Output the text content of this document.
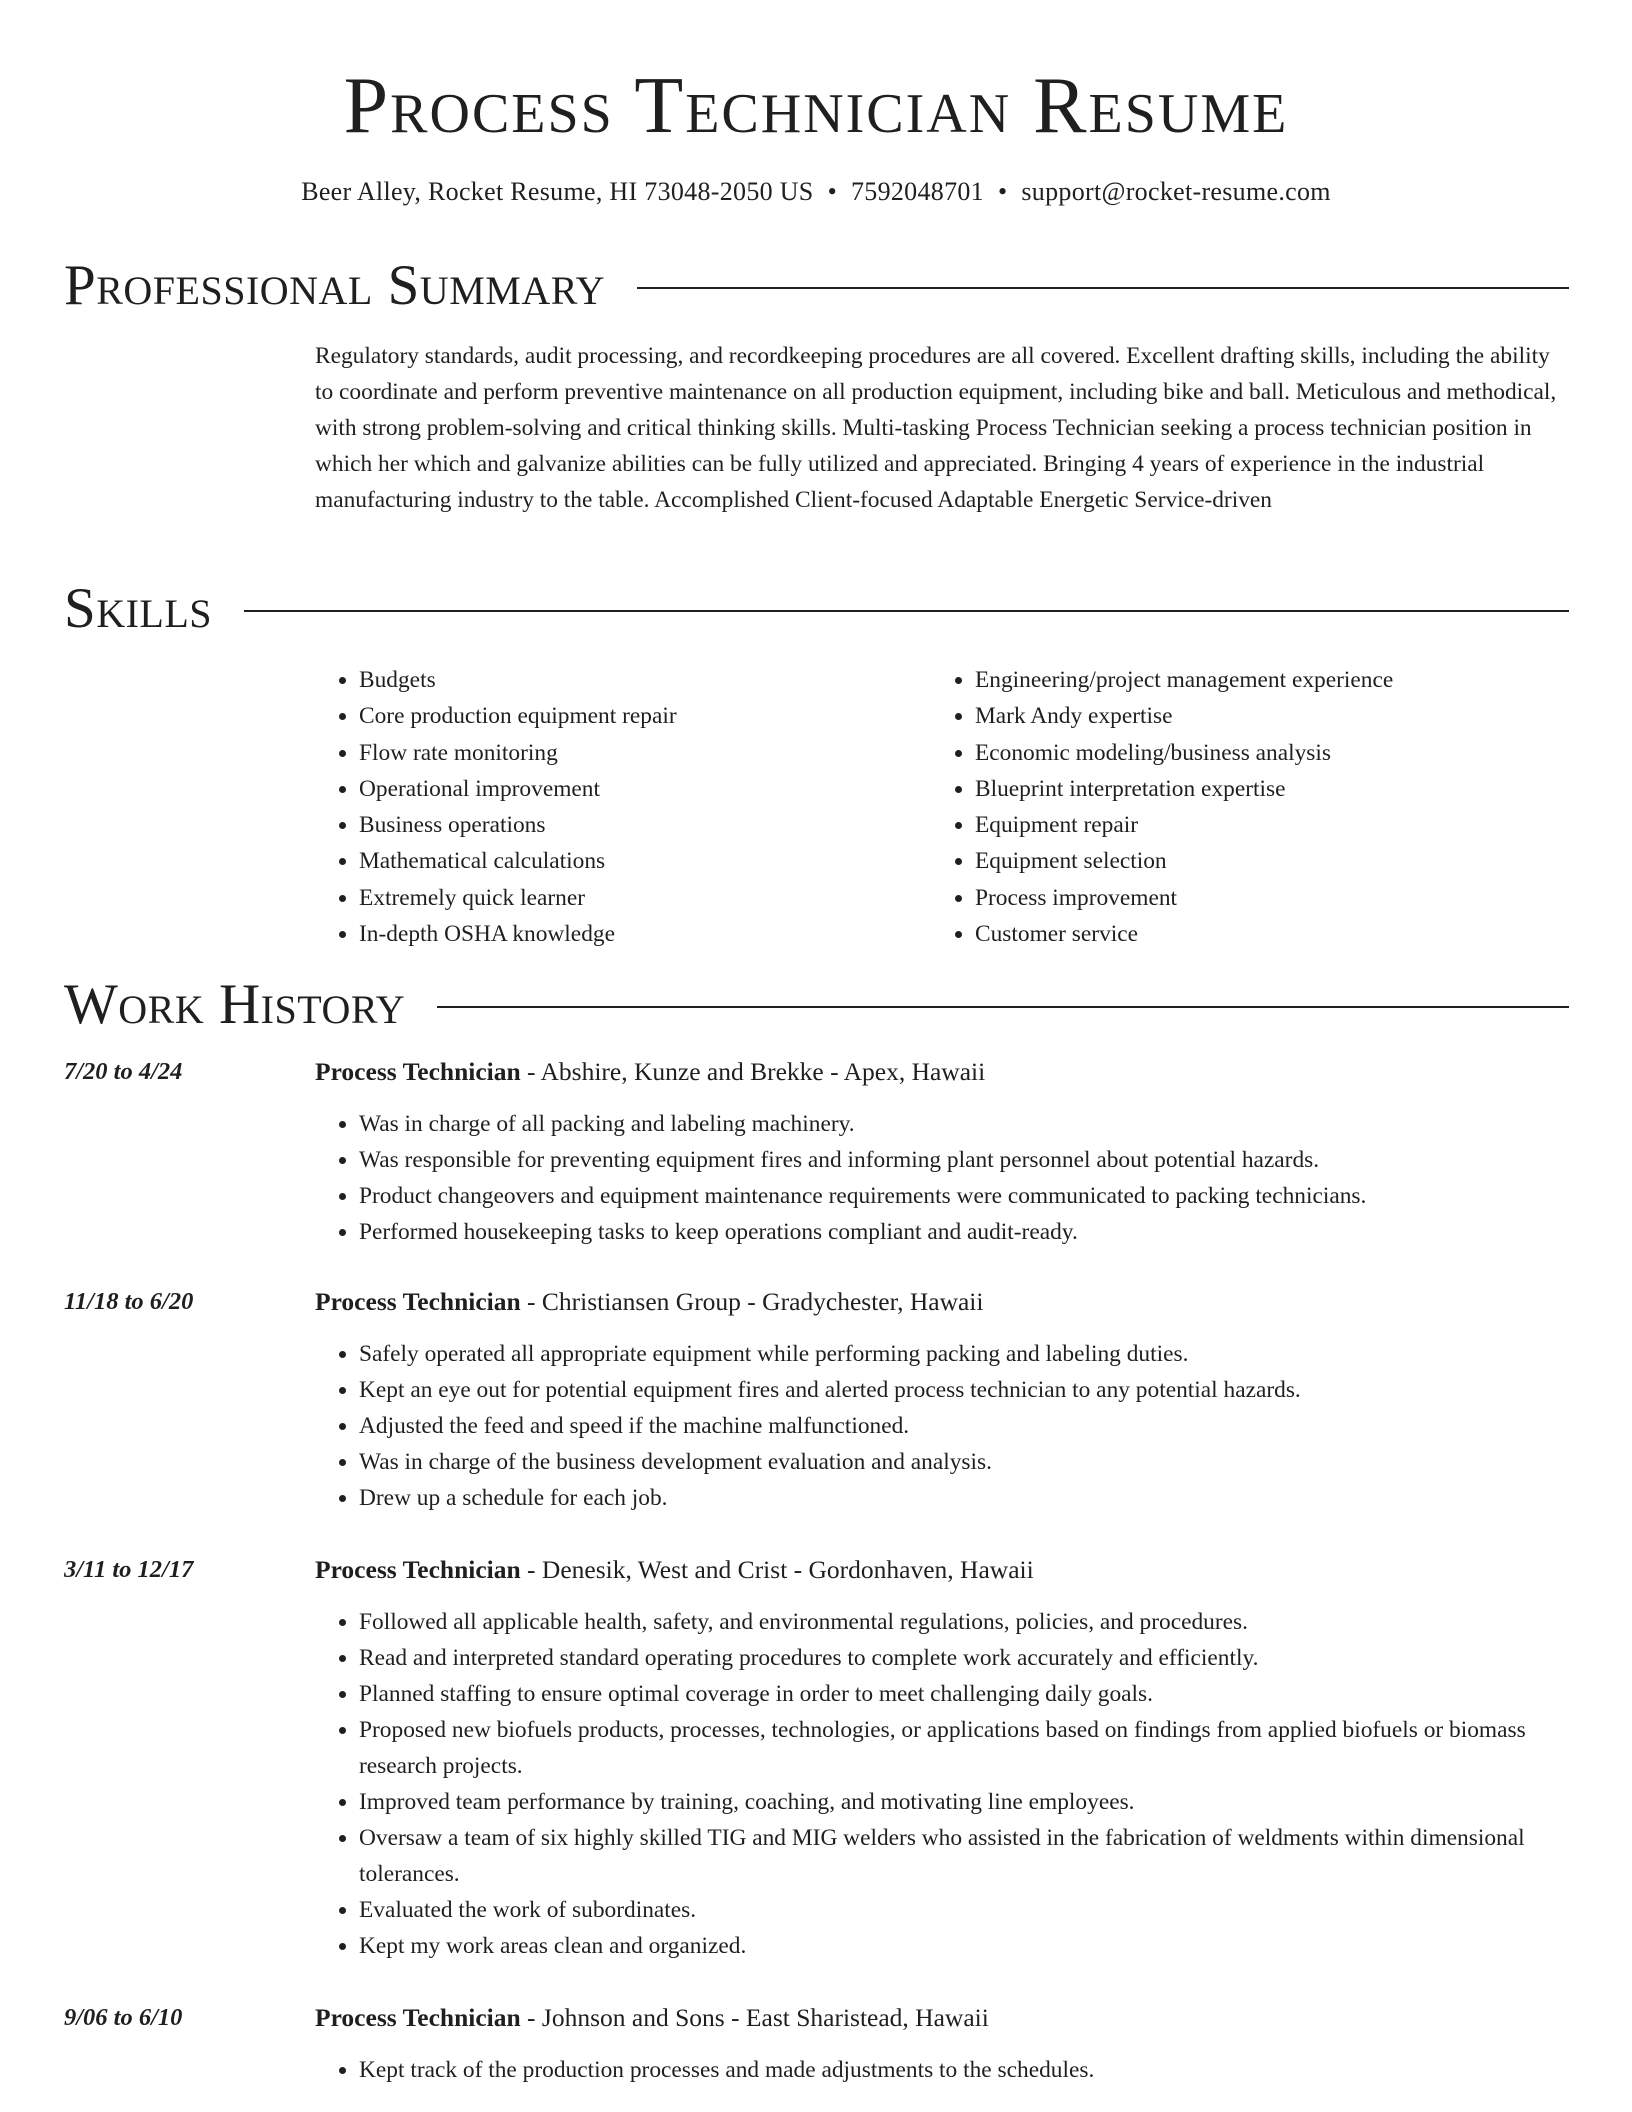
Process Technician Resume
Beer Alley, Rocket Resume, HI 73048-2050 US • 7592048701 • support@rocket-resume.com
Professional Summary

Regulatory standards, audit processing, and recordkeeping procedures are all covered. Excellent drafting skills, including the ability to coordinate and perform preventive maintenance on all production equipment, including bike and ball. Meticulous and methodical, with strong problem-solving and critical thinking skills. Multi-tasking Process Technician seeking a process technician position in which her which and galvanize abilities can be fully utilized and appreciated. Bringing 4 years of experience in the industrial manufacturing industry to the table. Accomplished Client-focused Adaptable Energetic Service-driven

Skills
• Budgets
• Core production equipment repair
• Flow rate monitoring
• Operational improvement
• Business operations
• Mathematical calculations
• Extremely quick learner
• In-depth OSHA knowledge
• Engineering/project management experience
• Mark Andy expertise
• Economic modeling/business analysis
• Blueprint interpretation expertise
• Equipment repair
• Equipment selection
• Process improvement
• Customer service
Work History
7/20 to 4/24	Process Technician - Abshire, Kunze and Brekke - Apex, Hawaii
• Was in charge of all packing and labeling machinery.
• Was responsible for preventing equipment fires and informing plant personnel about potential hazards.
• Product changeovers and equipment maintenance requirements were communicated to packing technicians.
• Performed housekeeping tasks to keep operations compliant and audit-ready.
11/18 to 6/20	Process Technician - Christiansen Group - Gradychester, Hawaii
• Safely operated all appropriate equipment while performing packing and labeling duties.
• Kept an eye out for potential equipment fires and alerted process technician to any potential hazards.
• Adjusted the feed and speed if the machine malfunctioned.
• Was in charge of the business development evaluation and analysis.
• Drew up a schedule for each job.
3/11 to 12/17	Process Technician - Denesik, West and Crist - Gordonhaven, Hawaii
• Followed all applicable health, safety, and environmental regulations, policies, and procedures.
• Read and interpreted standard operating procedures to complete work accurately and efficiently.
• Planned staffing to ensure optimal coverage in order to meet challenging daily goals.
• Proposed new biofuels products, processes, technologies, or applications based on findings from applied biofuels or biomass research projects.
• Improved team performance by training, coaching, and motivating line employees.
• Oversaw a team of six highly skilled TIG and MIG welders who assisted in the fabrication of weldments within dimensional tolerances.
• Evaluated the work of subordinates.
• Kept my work areas clean and organized.
9/06 to 6/10	Process Technician - Johnson and Sons - East Sharistead, Hawaii
• Kept track of the production processes and made adjustments to the schedules.
